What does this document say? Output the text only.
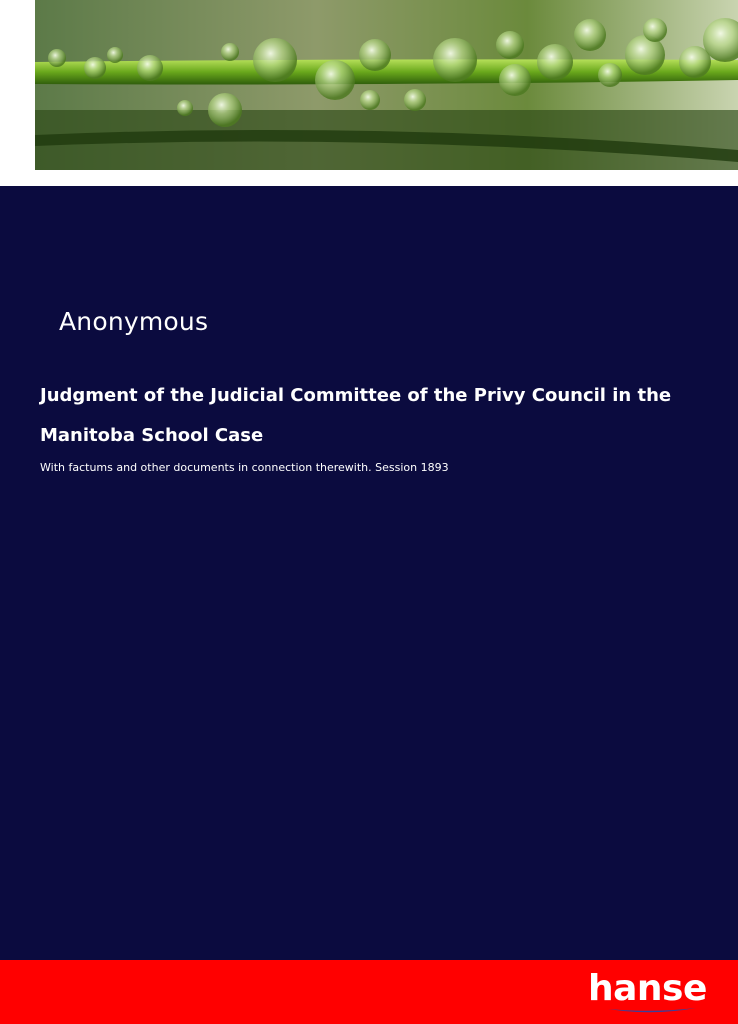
Anonymous
Judgment of the Judicial Committee of the Privy Council in the Manitoba School Case

With factums and other documents in connection therewith. Session 1893

hanse
